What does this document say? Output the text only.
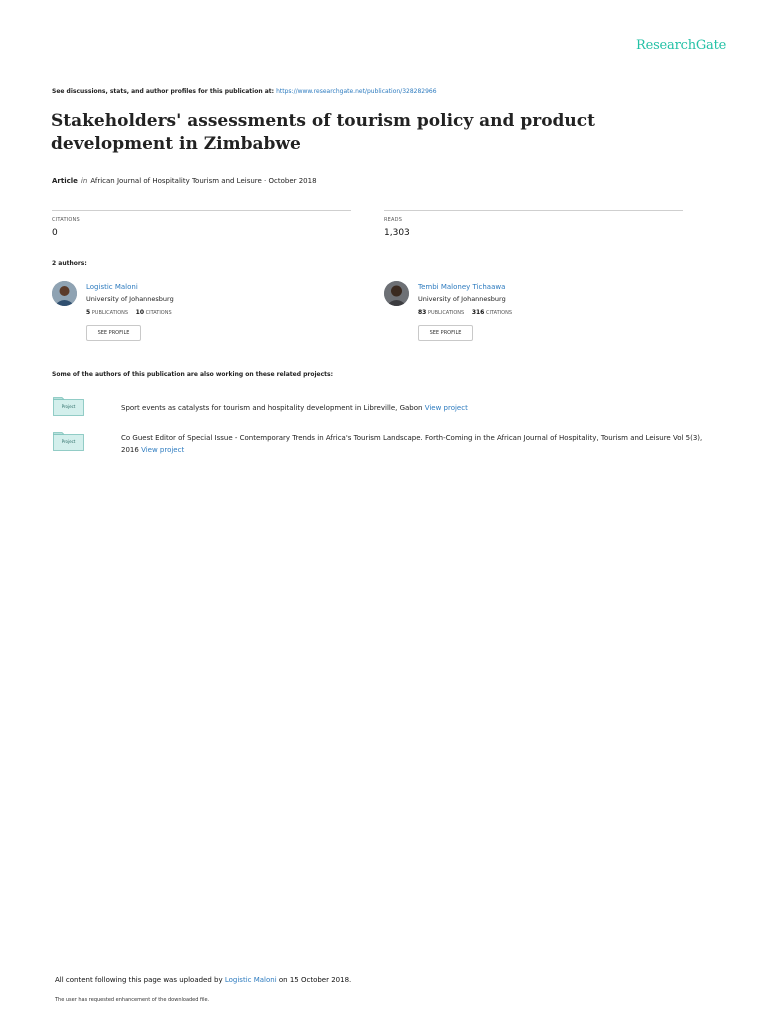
ResearchGate
See discussions, stats, and author profiles for this publication at: https://www.researchgate.net/publication/328282966
Stakeholders' assessments of tourism policy and product development in Zimbabwe
Article in African Journal of Hospitality Tourism and Leisure · October 2018
CITATIONS
0
READS
1,303
2 authors:
Logistic Maloni
University of Johannesburg
5 PUBLICATIONS 10 CITATIONS
SEE PROFILE
Tembi Maloney Tichaawa
University of Johannesburg
83 PUBLICATIONS 316 CITATIONS
SEE PROFILE
Some of the authors of this publication are also working on these related projects:
Project	Sport events as catalysts for tourism and hospitality development in Libreville, Gabon View project
Project	Co Guest Editor of Special Issue - Contemporary Trends in Africa's Tourism Landscape. Forth-Coming in the African Journal of Hospitality, Tourism and Leisure Vol 5(3), 2016 View project
All content following this page was uploaded by Logistic Maloni on 15 October 2018.
The user has requested enhancement of the downloaded file.
